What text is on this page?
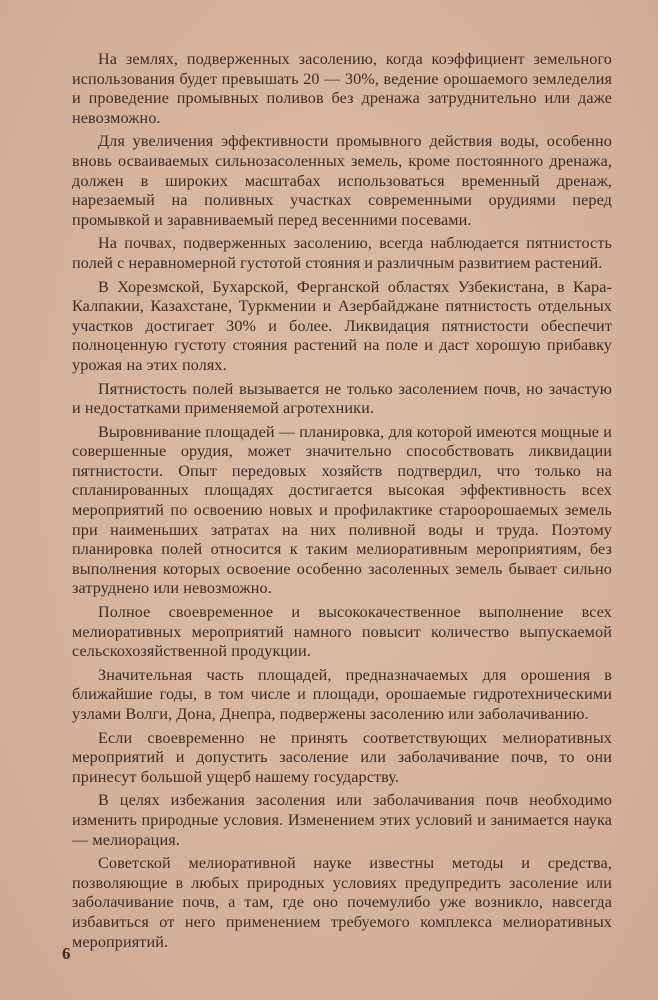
На землях, подверженных засолению, когда коэффициент земельного использования будет превышать 20 — 30%, ведение орошаемого земледелия и проведение промывных поливов без дренажа затруднительно или даже невозможно.

Для увеличения эффективности промывного действия воды, особенно вновь осваиваемых сильнозасоленных земель, кроме постоянного дренажа, должен в широких масштабах использоваться временный дренаж, нарезаемый на поливных участках современными орудиями перед промывкой и заравниваемый перед весенними посевами.

На почвах, подверженных засолению, всегда наблюдается пятнистость полей с неравномерной густотой стояния и различным развитием растений.

В Хорезмской, Бухарской, Ферганской областях Узбекистана, в Кара-Калпакии, Казахстане, Туркмении и Азербайджане пятнистость отдельных участков достигает 30% и более. Ликвидация пятнистости обеспечит полноценную густоту стояния растений на поле и даст хорошую прибавку урожая на этих полях.

Пятнистость полей вызывается не только засолением почв, но зачастую и недостатками применяемой агротехники.

Выровнивание площадей — планировка, для которой имеются мощные и совершенные орудия, может значительно способствовать ликвидации пятнистости. Опыт передовых хозяйств подтвердил, что только на спланированных площадях достигается высокая эффективность всех мероприятий по освоению новых и профилактике староорошаемых земель при наименьших затратах на них поливной воды и труда. Поэтому планировка полей относится к таким мелиоративным мероприятиям, без выполнения которых освоение особенно засоленных земель бывает сильно затруднено или невозможно.

Полное своевременное и высококачественное выполнение всех мелиоративных мероприятий намного повысит количество выпускаемой сельскохозяйственной продукции.

Значительная часть площадей, предназначаемых для орошения в ближайшие годы, в том числе и площади, орошаемые гидротехническими узлами Волги, Дона, Днепра, подвержены засолению или заболачиванию.

Если своевременно не принять соответствующих мелиоративных мероприятий и допустить засоление или заболачивание почв, то они принесут большой ущерб нашему государству.

В целях избежания засоления или заболачивания почв необходимо изменить природные условия. Изменением этих условий и занимается наука — мелиорация.

Советской мелиоративной науке известны методы и средства, позволяющие в любых природных условиях предупредить засоление или заболачивание почв, а там, где оно почемулибо уже возникло, навсегда избавиться от него применением требуемого комплекса мелиоративных мероприятий.

6
